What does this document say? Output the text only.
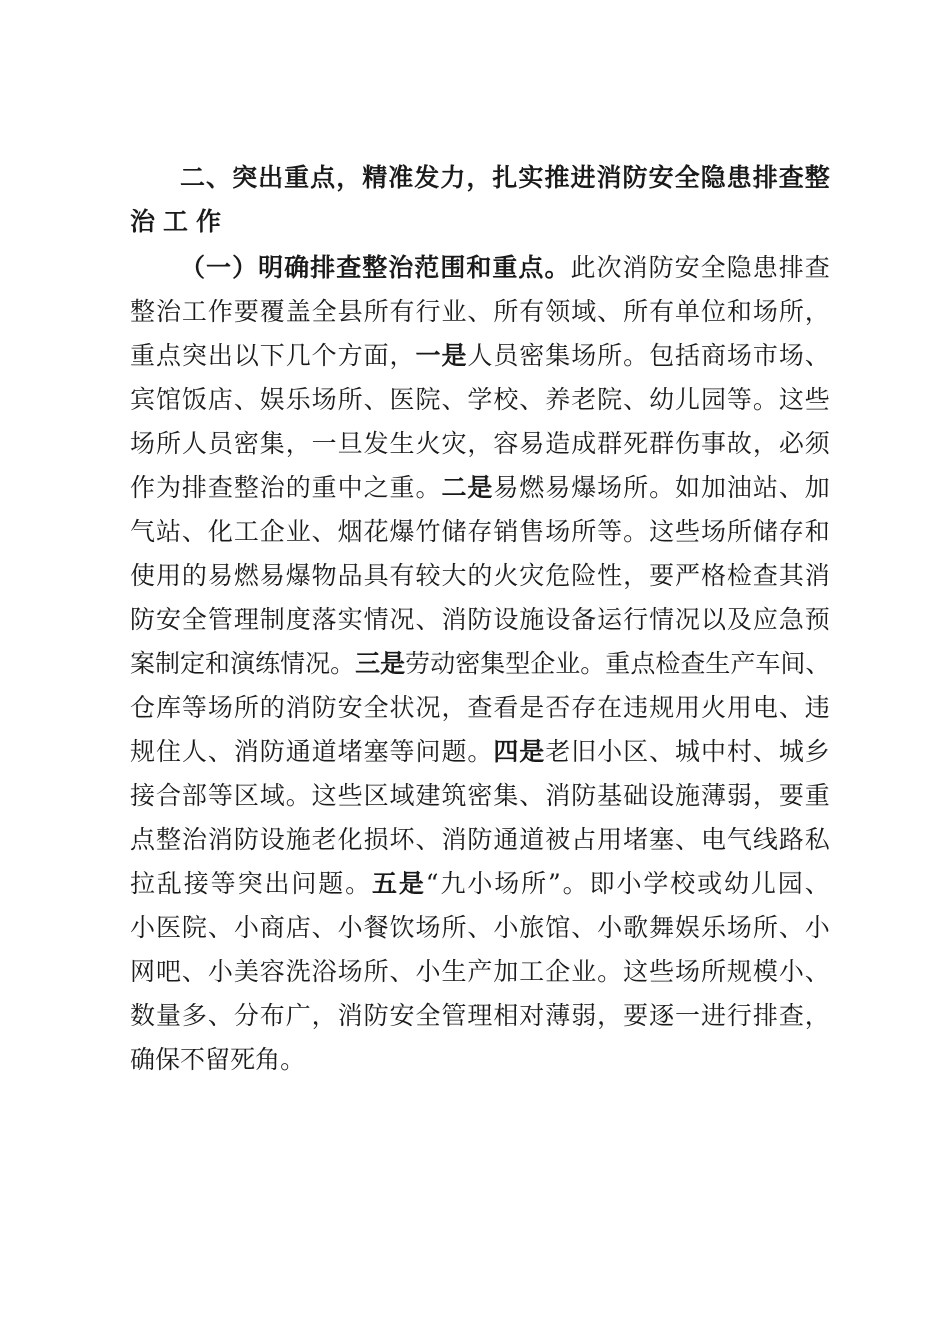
二 、 突 出 重 点 ， 精 准 发 力 ， 扎 实 推 进 消 防 安 全 隐 患 排 查 整
治工作
（ 一 ） 明 确 排 查 整 治 范 围 和 重 点 。 此 次 消 防 安 全 隐 患 排 查
整 治 工 作 要 覆 盖 全 县 所 有 行 业 、 所 有 领 域 、 所 有 单 位 和 场 所 ，
重 点 突 出 以 下 几 个 方 面 ， 一 是 人 员 密 集 场 所 。 包 括 商 场 市 场 、
宾 馆 饭 店 、 娱 乐 场 所 、 医 院 、 学 校 、 养 老 院 、 幼 儿 园 等 。 这 些
场 所 人 员 密 集 ， 一 旦 发 生 火 灾 ， 容 易 造 成 群 死 群 伤 事 故 ， 必 须
作 为 排 查 整 治 的 重 中 之 重 。 二 是 易 燃 易 爆 场 所 。 如 加 油 站 、 加
气 站 、 化 工 企 业 、 烟 花 爆 竹 储 存 销 售 场 所 等 。 这 些 场 所 储 存 和
使 用 的 易 燃 易 爆 物 品 具 有 较 大 的 火 灾 危 险 性 ， 要 严 格 检 查 其 消
防 安 全 管 理 制 度 落 实 情 况 、 消 防 设 施 设 备 运 行 情 况 以 及 应 急 预
案 制 定 和 演 练 情 况 。 三 是 劳 动 密 集 型 企 业 。 重 点 检 查 生 产 车 间 、
仓 库 等 场 所 的 消 防 安 全 状 况 ， 查 看 是 否 存 在 违 规 用 火 用 电 、 违
规 住 人 、 消 防 通 道 堵 塞 等 问 题 。 四 是 老 旧 小 区 、 城 中 村 、 城 乡
接 合 部 等 区 域 。 这 些 区 域 建 筑 密 集 、 消 防 基 础 设 施 薄 弱 ， 要 重
点 整 治 消 防 设 施 老 化 损 坏 、 消 防 通 道 被 占 用 堵 塞 、 电 气 线 路 私
拉 乱 接 等 突 出 问 题 。 五 是 “ 九 小 场 所 ” 。 即 小 学 校 或 幼 儿 园 、
小 医 院 、 小 商 店 、 小 餐 饮 场 所 、 小 旅 馆 、 小 歌 舞 娱 乐 场 所 、 小
网 吧 、 小 美 容 洗 浴 场 所 、 小 生 产 加 工 企 业 。 这 些 场 所 规 模 小 、
数 量 多 、 分 布 广 ， 消 防 安 全 管 理 相 对 薄 弱 ， 要 逐 一 进 行 排 查 ，
确 保 不 留 死 角 。
